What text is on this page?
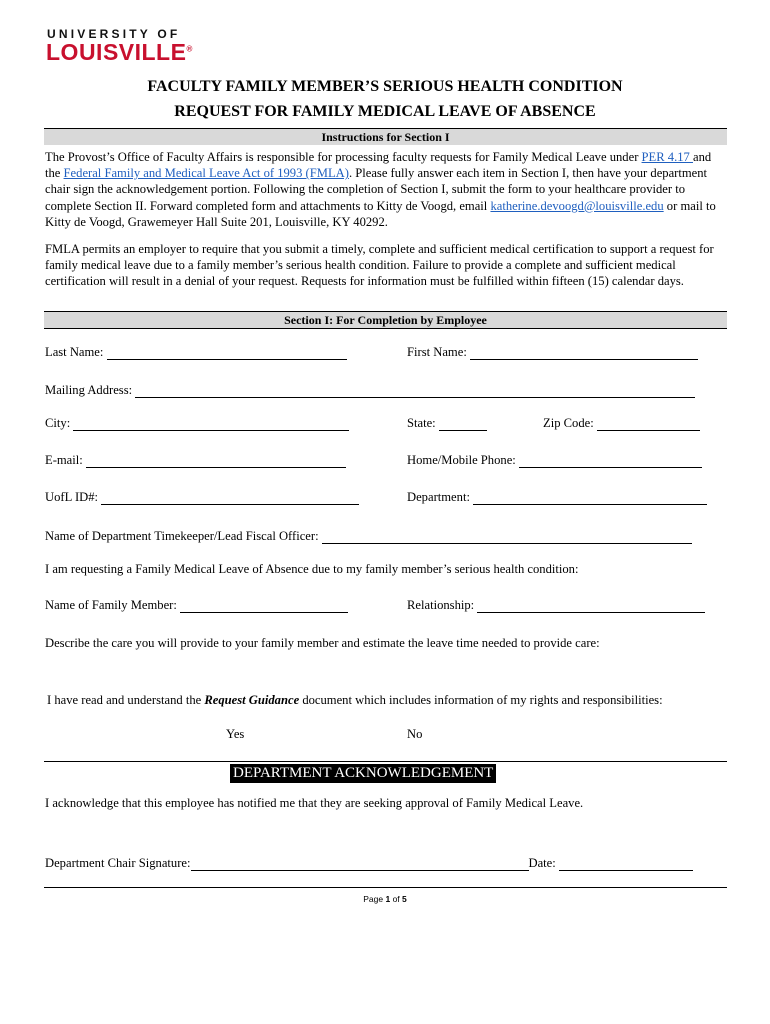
UNIVERSITY OF
LOUISVILLE®
FACULTY FAMILY MEMBER’S SERIOUS HEALTH CONDITION
REQUEST FOR FAMILY MEDICAL LEAVE OF ABSENCE
Instructions for Section I
The Provost’s Office of Faculty Affairs is responsible for processing faculty requests for Family Medical Leave under PER 4.17 and the Federal Family and Medical Leave Act of 1993 (FMLA). Please fully answer each item in Section I, then have your department chair sign the acknowledgement portion. Following the completion of Section I, submit the form to your healthcare provider to complete Section II. Forward completed form and attachments to Kitty de Voogd, email katherine.devoogd@louisville.edu or mail to Kitty de Voogd, Grawemeyer Hall Suite 201, Louisville, KY 40292.
FMLA permits an employer to require that you submit a timely, complete and sufficient medical certification to support a request for family medical leave due to a family member’s serious health condition. Failure to provide a complete and sufficient medical certification will result in a denial of your request. Requests for information must be fulfilled within fifteen (15) calendar days.
Section I: For Completion by Employee
Last Name:	First Name:
Mailing Address:
City:	State:	Zip Code:
E-mail:	Home/Mobile Phone:
UofL ID#:	Department:
Name of Department Timekeeper/Lead Fiscal Officer:
I am requesting a Family Medical Leave of Absence due to my family member’s serious health condition:
Name of Family Member:	Relationship:
Describe the care you will provide to your family member and estimate the leave time needed to provide care:
I have read and understand the Request Guidance document which includes information of my rights and responsibilities:
Yes	No
DEPARTMENT ACKNOWLEDGEMENT
I acknowledge that this employee has notified me that they are seeking approval of Family Medical Leave.
Department Chair Signature:	Date:
Page 1 of 5
